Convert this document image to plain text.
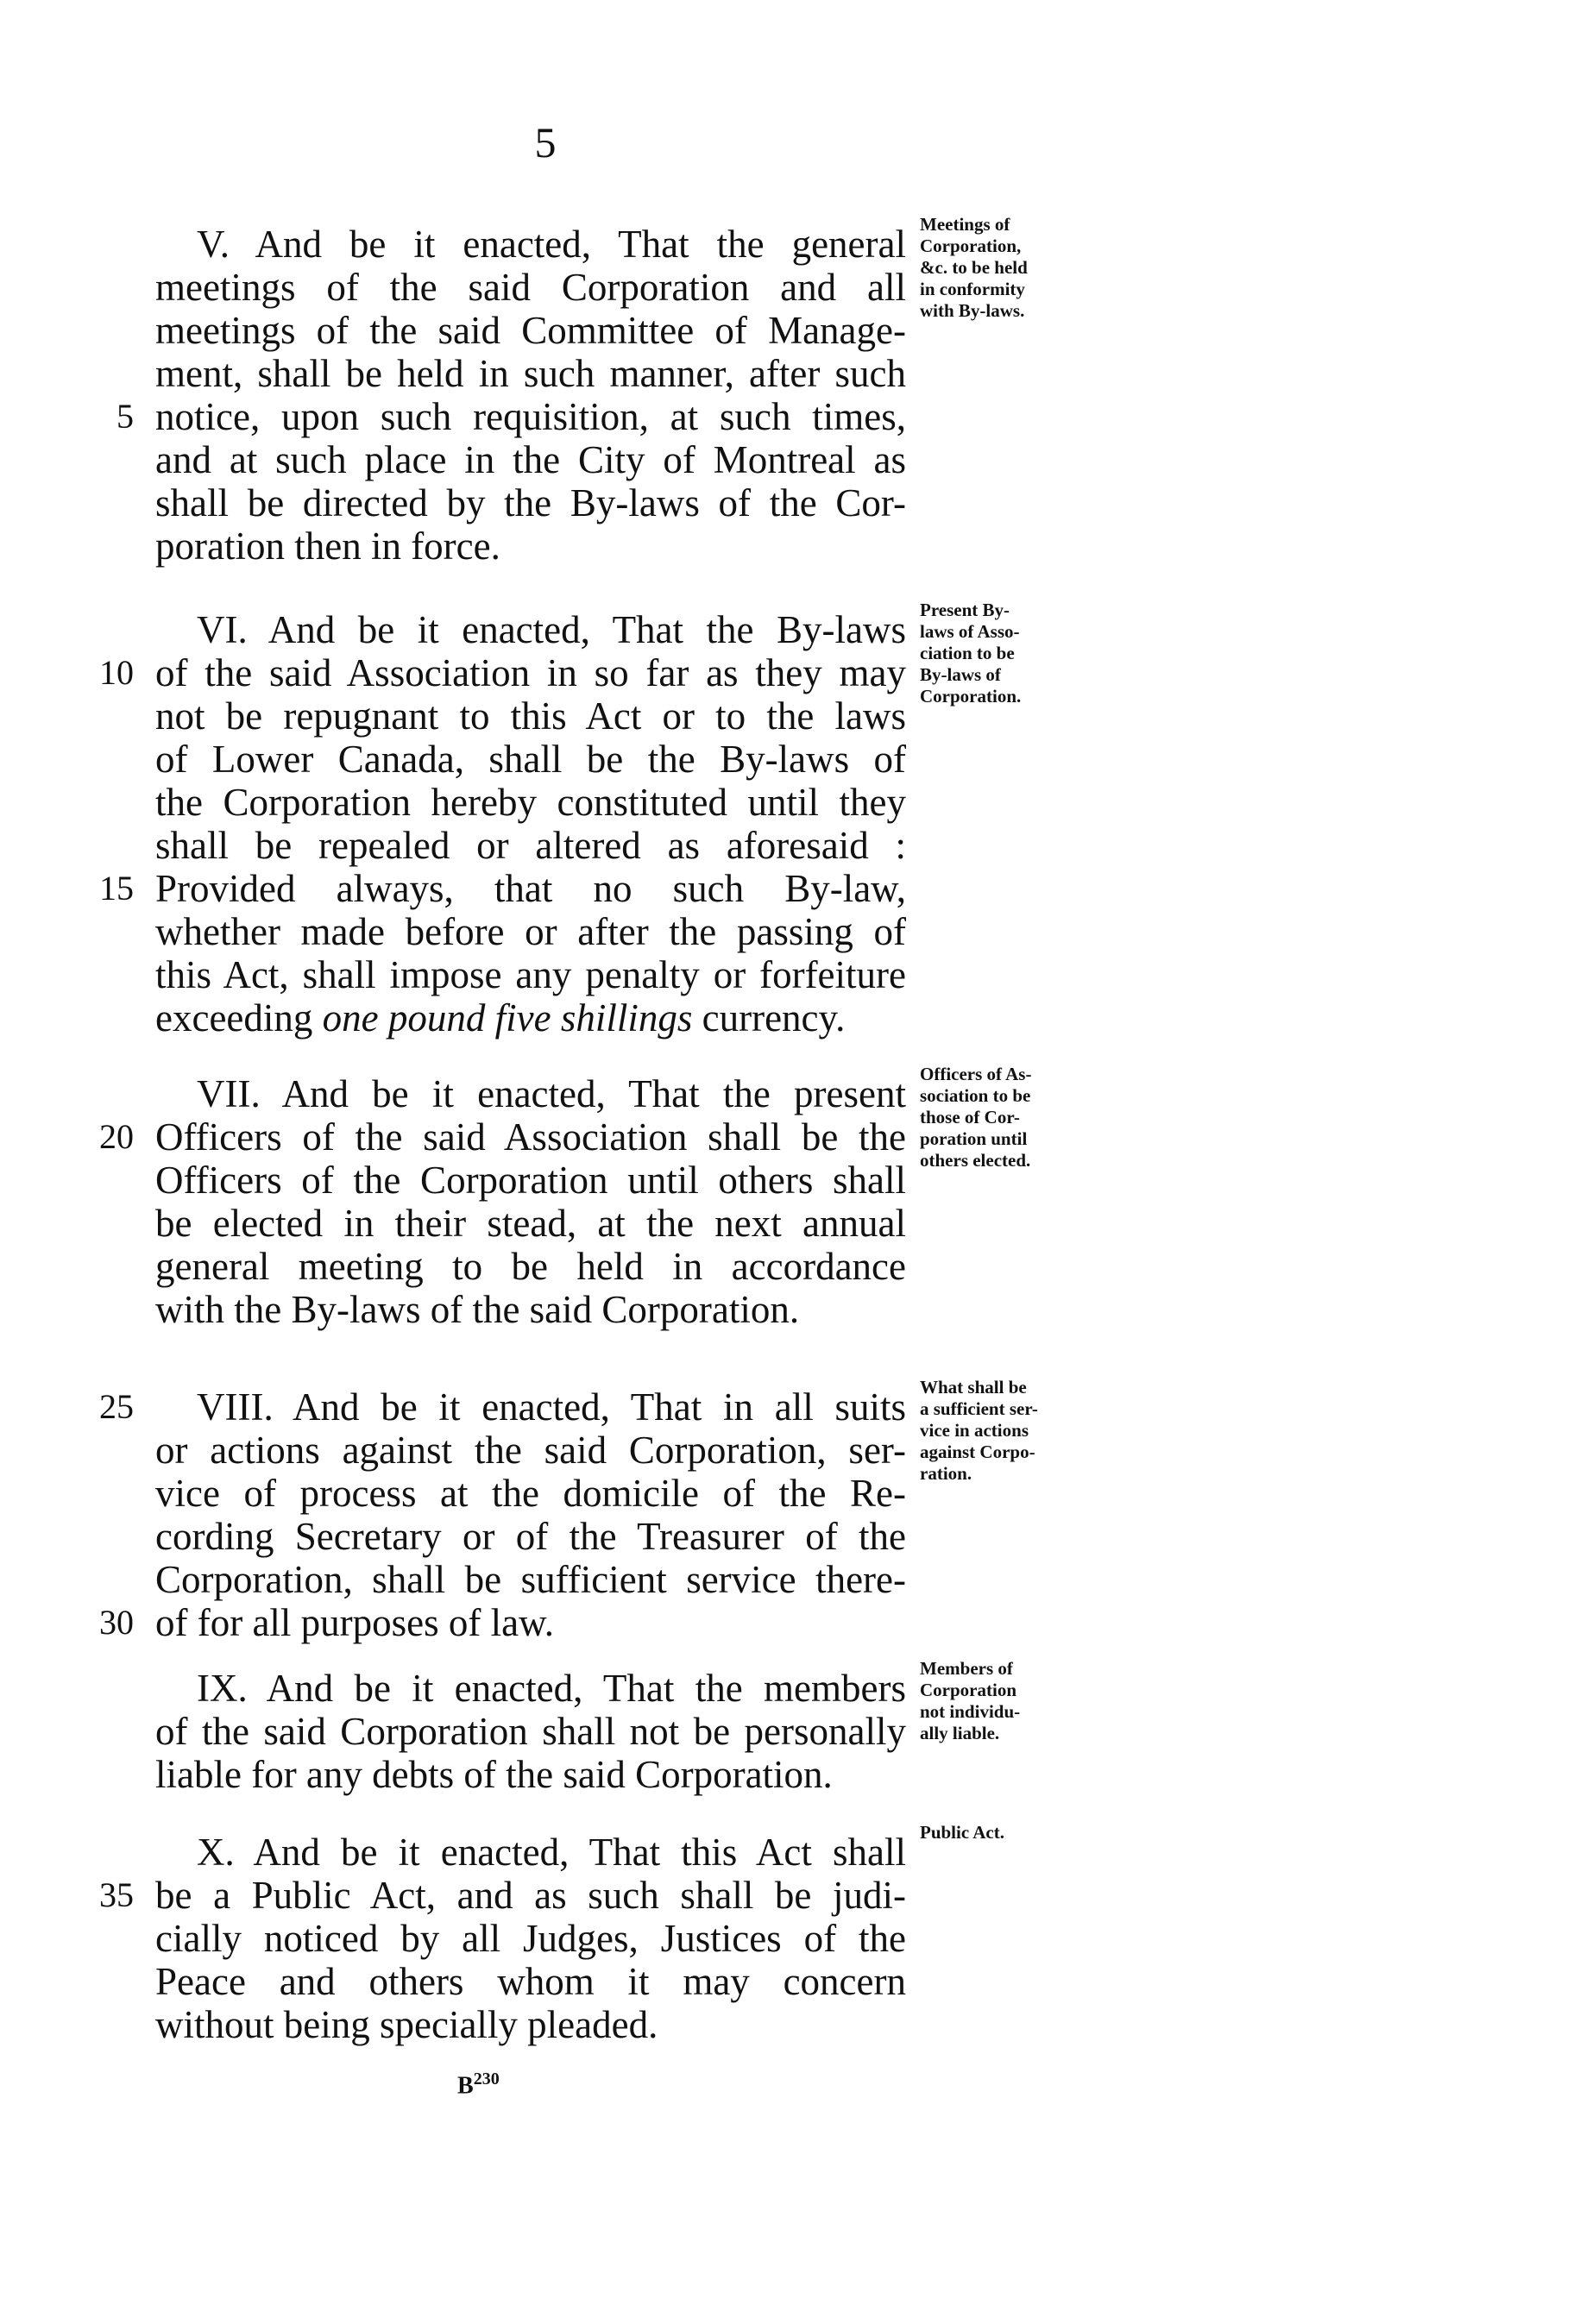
5
V. And be it enacted, That the general
meetings of the said Corporation and all
meetings of the said Committee of Manage-
ment, shall be held in such manner, after such
notice, upon such requisition, at such times,
5
and at such place in the City of Montreal as
shall be directed by the By-laws of the Cor-
poration then in force.
Meetings of
Corporation,
&c. to be held
in conformity
with By-laws.
VI. And be it enacted, That the By-laws
of the said Association in so far as they may
10
not be repugnant to this Act or to the laws
of Lower Canada, shall be the By-laws of
the Corporation hereby constituted until they
shall be repealed or altered as aforesaid :
Provided always, that no such By-law,
15
whether made before or after the passing of
this Act, shall impose any penalty or forfeiture
exceeding one pound five shillings currency.
Present By-
laws of Asso-
ciation to be
By-laws of
Corporation.
VII. And be it enacted, That the present
Officers of the said Association shall be the
20
Officers of the Corporation until others shall
be elected in their stead, at the next annual
general meeting to be held in accordance
with the By-laws of the said Corporation.
Officers of As-
sociation to be
those of Cor-
poration until
others elected.
VIII. And be it enacted, That in all suits
25
or actions against the said Corporation, ser-
vice of process at the domicile of the Re-
cording Secretary or of the Treasurer of the
Corporation, shall be sufficient service there-
of for all purposes of law.
30
What shall be
a sufficient ser-
vice in actions
against Corpo-
ration.
IX. And be it enacted, That the members
of the said Corporation shall not be personally
liable for any debts of the said Corporation.
Members of
Corporation
not individu-
ally liable.
X. And be it enacted, That this Act shall
be a Public Act, and as such shall be judi-
35
cially noticed by all Judges, Justices of the
Peace and others whom it may concern
without being specially pleaded.
Public Act.
$B^{230}$
